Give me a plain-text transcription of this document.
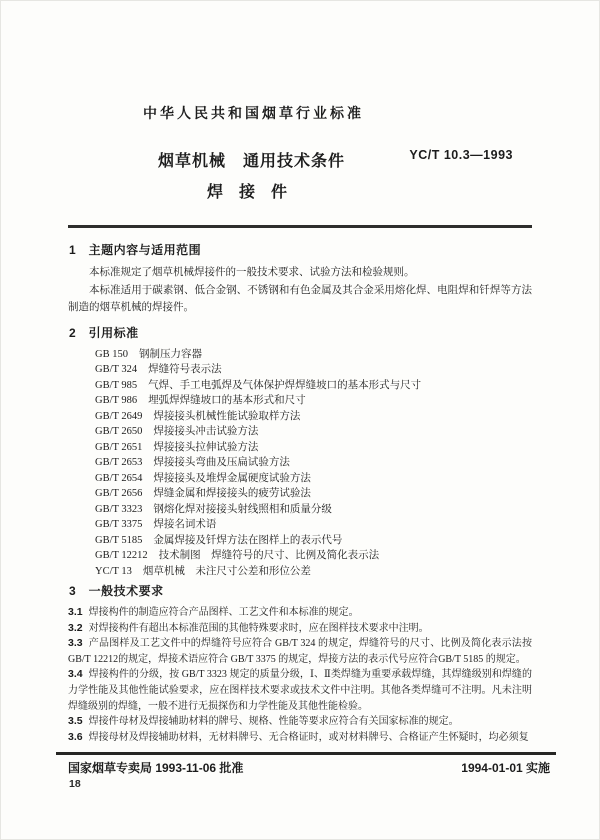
中华人民共和国烟草行业标准

烟草机械　通用技术条件	YC/T 10.3—1993

焊　接　件

1　主题内容与适用范围

本标准规定了烟草机械焊接件的一般技术要求、试验方法和检验规则。

本标准适用于碳素钢、低合金钢、不锈钢和有色金属及其合金采用熔化焊、电阻焊和钎焊等方法制造的烟草机械的焊接件。

2　引用标准
GB 150 钢制压力容器
GB/T 324 焊缝符号表示法
GB/T 985 气焊、手工电弧焊及气体保护焊焊缝坡口的基本形式与尺寸
GB/T 986 埋弧焊焊缝坡口的基本形式和尺寸
GB/T 2649 焊接接头机械性能试验取样方法
GB/T 2650 焊接接头冲击试验方法
GB/T 2651 焊接接头拉伸试验方法
GB/T 2653 焊接接头弯曲及压扁试验方法
GB/T 2654 焊接接头及堆焊金属硬度试验方法
GB/T 2656 焊缝金属和焊接接头的疲劳试验法
GB/T 3323 钢熔化焊对接接头射线照相和质量分级
GB/T 3375 焊接名词术语
GB/T 5185 金属焊接及钎焊方法在图样上的表示代号
GB/T 12212 技术制图　焊缝符号的尺寸、比例及简化表示法
YC/T 13 烟草机械　未注尺寸公差和形位公差
3　一般技术要求

3.1 焊接构件的制造应符合产品图样、工艺文件和本标准的规定。

3.2 对焊接构件有超出本标准范围的其他特殊要求时，应在图样技术要求中注明。

3.3 产品图样及工艺文件中的焊缝符号应符合 GB/T 324 的规定，焊缝符号的尺寸、比例及简化表示法按GB/T 12212的规定，焊接术语应符合 GB/T 3375 的规定，焊接方法的表示代号应符合GB/T 5185 的规定。

3.4 焊接构件的分级，按 GB/T 3323 规定的质量分级，Ⅰ、Ⅱ类焊缝为重要承载焊缝，其焊缝级别和焊缝的力学性能及其他性能试验要求，应在图样技术要求或技术文件中注明。其他各类焊缝可不注明。凡未注明焊缝级别的焊缝，一般不进行无损探伤和力学性能及其他性能检验。

3.5 焊接件母材及焊接辅助材料的牌号、规格、性能等要求应符合有关国家标准的规定。

3.6 焊接母材及焊接辅助材料，无材料牌号、无合格证时，或对材料牌号、合格证产生怀疑时，均必须复

国家烟草专卖局 1993-11-06 批准	1994-01-01 实施
18
